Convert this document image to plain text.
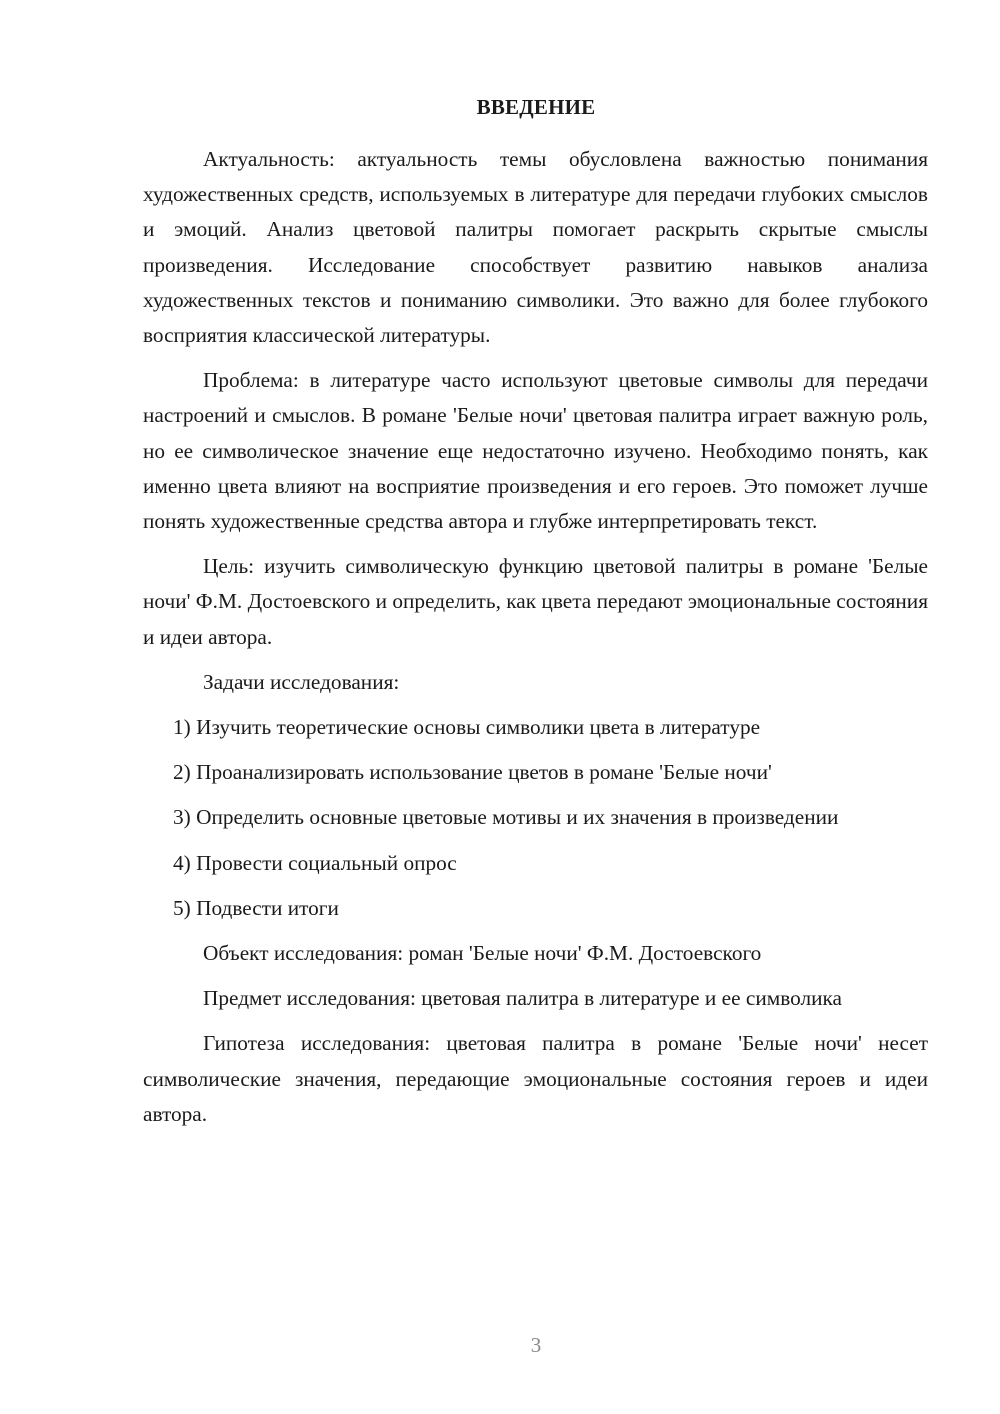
ВВЕДЕНИЕ

Актуальность: актуальность темы обусловлена важностью понимания художественных средств, используемых в литературе для передачи глубоких смыслов и эмоций. Анализ цветовой палитры помогает раскрыть скрытые смыслы произведения. Исследование способствует развитию навыков анализа художественных текстов и пониманию символики. Это важно для более глубокого восприятия классической литературы.

Проблема: в литературе часто используют цветовые символы для передачи настроений и смыслов. В романе 'Белые ночи' цветовая палитра играет важную роль, но ее символическое значение еще недостаточно изучено. Необходимо понять, как именно цвета влияют на восприятие произведения и его героев. Это поможет лучше понять художественные средства автора и глубже интерпретировать текст.

Цель: изучить символическую функцию цветовой палитры в романе 'Белые ночи' Ф.М. Достоевского и определить, как цвета передают эмоциональные состояния и идеи автора.

Задачи исследования:

1) Изучить теоретические основы символики цвета в литературе

2) Проанализировать использование цветов в романе 'Белые ночи'

3) Определить основные цветовые мотивы и их значения в произведении

4) Провести социальный опрос

5) Подвести итоги

Объект исследования: роман 'Белые ночи' Ф.М. Достоевского

Предмет исследования: цветовая палитра в литературе и ее символика

Гипотеза исследования: цветовая палитра в романе 'Белые ночи' несет символические значения, передающие эмоциональные состояния героев и идеи автора.

3
